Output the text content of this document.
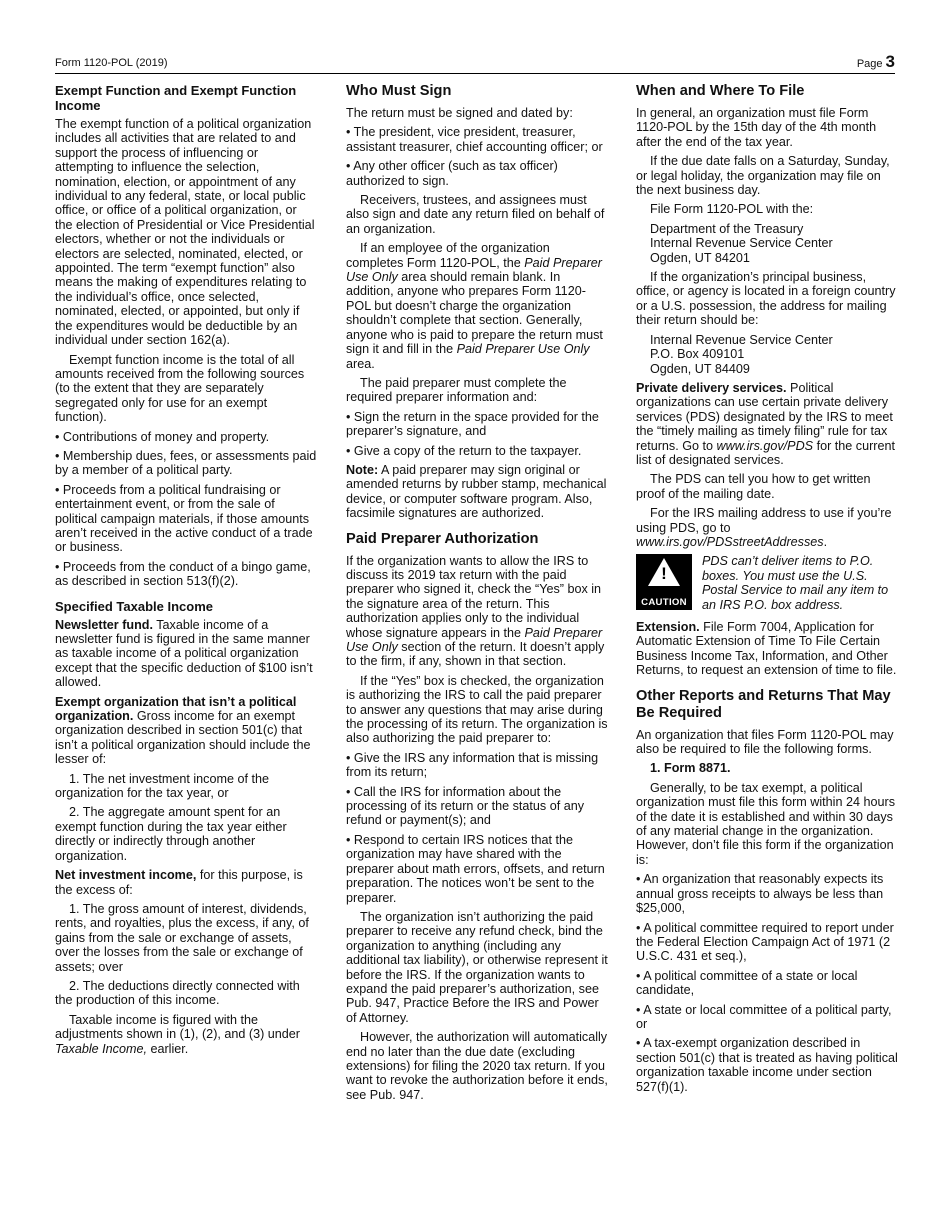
Form 1120-POL (2019)	Page 3
Exempt Function and Exempt Function Income

The exempt function of a political organization includes all activities that are related to and support the process of influencing or attempting to influence the selection, nomination, election, or appointment of any individual to any federal, state, or local public office, or office of a political organization, or the election of Presidential or Vice Presidential electors, whether or not the individuals or electors are selected, nominated, elected, or appointed. The term “exempt function” also means the making of expenditures relating to the individual’s office, once selected, nominated, elected, or appointed, but only if the expenditures would be deductible by an individual under section 162(a).

Exempt function income is the total of all amounts received from the following sources (to the extent that they are separately segregated only for use for an exempt function).

• Contributions of money and property.

• Membership dues, fees, or assessments paid by a member of a political party.

• Proceeds from a political fundraising or entertainment event, or from the sale of political campaign materials, if those amounts aren’t received in the active conduct of a trade or business.

• Proceeds from the conduct of a bingo game, as described in section 513(f)(2).

Specified Taxable Income

Newsletter fund. Taxable income of a newsletter fund is figured in the same manner as taxable income of a political organization except that the specific deduction of $100 isn’t allowed.

Exempt organization that isn’t a political organization. Gross income for an exempt organization described in section 501(c) that isn’t a political organization should include the lesser of:

1. The net investment income of the organization for the tax year, or

2. The aggregate amount spent for an exempt function during the tax year either directly or indirectly through another organization.

Net investment income, for this purpose, is the excess of:

1. The gross amount of interest, dividends, rents, and royalties, plus the excess, if any, of gains from the sale or exchange of assets, over the losses from the sale or exchange of assets; over

2. The deductions directly connected with the production of this income.

Taxable income is figured with the adjustments shown in (1), (2), and (3) under Taxable Income, earlier.

Who Must Sign

The return must be signed and dated by:

• The president, vice president, treasurer, assistant treasurer, chief accounting officer; or

• Any other officer (such as tax officer) authorized to sign.

Receivers, trustees, and assignees must also sign and date any return filed on behalf of an organization.

If an employee of the organization completes Form 1120-POL, the Paid Preparer Use Only area should remain blank. In addition, anyone who prepares Form 1120-POL but doesn’t charge the organization shouldn’t complete that section. Generally, anyone who is paid to prepare the return must sign it and fill in the Paid Preparer Use Only area.

The paid preparer must complete the required preparer information and:

• Sign the return in the space provided for the preparer’s signature, and

• Give a copy of the return to the taxpayer.

Note: A paid preparer may sign original or amended returns by rubber stamp, mechanical device, or computer software program. Also, facsimile signatures are authorized.

Paid Preparer Authorization

If the organization wants to allow the IRS to discuss its 2019 tax return with the paid preparer who signed it, check the “Yes” box in the signature area of the return. This authorization applies only to the individual whose signature appears in the Paid Preparer Use Only section of the return. It doesn’t apply to the firm, if any, shown in that section.

If the “Yes” box is checked, the organization is authorizing the IRS to call the paid preparer to answer any questions that may arise during the processing of its return. The organization is also authorizing the paid preparer to:

• Give the IRS any information that is missing from its return;

• Call the IRS for information about the processing of its return or the status of any refund or payment(s); and

• Respond to certain IRS notices that the organization may have shared with the preparer about math errors, offsets, and return preparation. The notices won’t be sent to the preparer.

The organization isn’t authorizing the paid preparer to receive any refund check, bind the organization to anything (including any additional tax liability), or otherwise represent it before the IRS. If the organization wants to expand the paid preparer’s authorization, see Pub. 947, Practice Before the IRS and Power of Attorney.

However, the authorization will automatically end no later than the due date (excluding extensions) for filing the 2020 tax return. If you want to revoke the authorization before it ends, see Pub. 947.

When and Where To File

In general, an organization must file Form 1120-POL by the 15th day of the 4th month after the end of the tax year.

If the due date falls on a Saturday, Sunday, or legal holiday, the organization may file on the next business day.

File Form 1120-POL with the:

Department of the Treasury
Internal Revenue Service Center
Ogden, UT 84201

If the organization’s principal business, office, or agency is located in a foreign country or a U.S. possession, the address for mailing their return should be:

Internal Revenue Service Center
P.O. Box 409101
Ogden, UT 84409

Private delivery services. Political organizations can use certain private delivery services (PDS) designated by the IRS to meet the “timely mailing as timely filing” rule for tax returns. Go to www.irs.gov/PDS for the current list of designated services.

The PDS can tell you how to get written proof of the mailing date.

For the IRS mailing address to use if you’re using PDS, go to www.irs.gov/PDSstreetAddresses.

!
CAUTION
PDS can’t deliver items to P.O. boxes. You must use the U.S. Postal Service to mail any item to an IRS P.O. box address.

Extension. File Form 7004, Application for Automatic Extension of Time To File Certain Business Income Tax, Information, and Other Returns, to request an extension of time to file.

Other Reports and Returns That May Be Required

An organization that files Form 1120-POL may also be required to file the following forms.

1. Form 8871.

Generally, to be tax exempt, a political organization must file this form within 24 hours of the date it is established and within 30 days of any material change in the organization. However, don’t file this form if the organization is:

• An organization that reasonably expects its annual gross receipts to always be less than $25,000,

• A political committee required to report under the Federal Election Campaign Act of 1971 (2 U.S.C. 431 et seq.),

• A political committee of a state or local candidate,

• A state or local committee of a political party, or

• A tax-exempt organization described in section 501(c) that is treated as having political organization taxable income under section 527(f)(1).
